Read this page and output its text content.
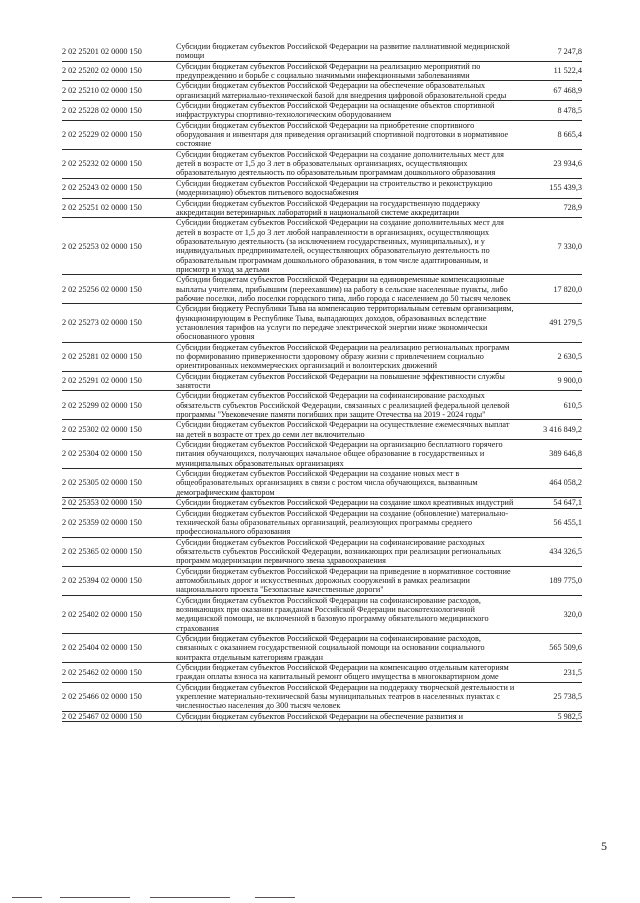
2 02 25201 02 0000 150	Субсидии бюджетам субъектов Российской Федерации на развитие паллиативной медицинской помощи	7 247,8
2 02 25202 02 0000 150	Субсидии бюджетам субъектов Российской Федерации на реализацию мероприятий по предупреждению и борьбе с социально значимыми инфекционными заболеваниями	11 522,4
2 02 25210 02 0000 150	Субсидии бюджетам субъектов Российской Федерации на обеспечение образовательных организаций материально-технической базой для внедрения цифровой образовательной среды	67 468,9
2 02 25228 02 0000 150	Субсидии бюджетам субъектов Российской Федерации на оснащение объектов спортивной инфраструктуры спортивно-технологическим оборудованием	8 478,5
2 02 25229 02 0000 150	Субсидии бюджетам субъектов Российской Федерации на приобретение спортивного оборудования и инвентаря для приведения организаций спортивной подготовки в нормативное состояние	8 665,4
2 02 25232 02 0000 150	Субсидии бюджетам субъектов Российской Федерации на создание дополнительных мест для детей в возрасте от 1,5 до 3 лет в образовательных организациях, осуществляющих образовательную деятельность по образовательным программам дошкольного образования	23 934,6
2 02 25243 02 0000 150	Субсидии бюджетам субъектов Российской Федерации на строительство и реконструкцию (модернизацию) объектов питьевого водоснабжения	155 439,3
2 02 25251 02 0000 150	Субсидии бюджетам субъектов Российской Федерации на государственную поддержку аккредитации ветеринарных лабораторий в национальной системе аккредитации	728,9
2 02 25253 02 0000 150	Субсидии бюджетам субъектов Российской Федерации на создание дополнительных мест для детей в возрасте от 1,5 до 3 лет любой направленности в организациях, осуществляющих образовательную деятельность (за исключением государственных, муниципальных), и у индивидуальных предпринимателей, осуществляющих образовательную деятельность по образовательным программам дошкольного образования, в том числе адаптированным, и присмотр и уход за детьми	7 330,0
2 02 25256 02 0000 150	Субсидии бюджетам субъектов Российской Федерации на единовременные компенсационные выплаты учителям, прибывшим (переехавшим) на работу в сельские населенные пункты, либо рабочие поселки, либо поселки городского типа, либо города с населением до 50 тысяч человек	17 820,0
2 02 25273 02 0000 150	Субсидии бюджету Республики Тыва на компенсацию территориальным сетевым организациям, функционирующим в Республике Тыва, выпадающих доходов, образованных вследствие установления тарифов на услуги по передаче электрической энергии ниже экономически обоснованного уровня	491 279,5
2 02 25281 02 0000 150	Субсидии бюджетам субъектов Российской Федерации на реализацию региональных программ по формированию приверженности здоровому образу жизни с привлечением социально ориентированных некоммерческих организаций и волонтерских движений	2 630,5
2 02 25291 02 0000 150	Субсидии бюджетам субъектов Российской Федерации на повышение эффективности службы занятости	9 900,0
2 02 25299 02 0000 150	Субсидии бюджетам субъектов Российской Федерации на софинансирование расходных обязательств субъектов Российской Федерации, связанных с реализацией федеральной целевой программы "Увековечение памяти погибших при защите Отечества на 2019 - 2024 годы"	610,5
2 02 25302 02 0000 150	Субсидии бюджетам субъектов Российской Федерации на осуществление ежемесячных выплат на детей в возрасте от трех до семи лет включительно	3 416 849,2
2 02 25304 02 0000 150	Субсидии бюджетам субъектов Российской Федерации на организацию бесплатного горячего питания обучающихся, получающих начальное общее образование в государственных и муниципальных образовательных организациях	389 646,8
2 02 25305 02 0000 150	Субсидии бюджетам субъектов Российской Федерации на создание новых мест в общеобразовательных организациях в связи с ростом числа обучающихся, вызванным демографическим фактором	464 058,2
2 02 25353 02 0000 150	Субсидии бюджетам субъектов Российской Федерации на создание школ креативных индустрий	54 647,1
2 02 25359 02 0000 150	Субсидии бюджетам субъектов Российской Федерации на создание (обновление) материально-технической базы образовательных организаций, реализующих программы среднего профессионального образования	56 455,1
2 02 25365 02 0000 150	Субсидии бюджетам субъектов Российской Федерации на софинансирование расходных обязательств субъектов Российской Федерации, возникающих при реализации региональных программ модернизации первичного звена здравоохранения	434 326,5
2 02 25394 02 0000 150	Субсидии бюджетам субъектов Российской Федерации на приведение в нормативное состояние автомобильных дорог и искусственных дорожных сооружений в рамках реализации национального проекта "Безопасные качественные дороги"	189 775,0
2 02 25402 02 0000 150	Субсидии бюджетам субъектов Российской Федерации на софинансирование расходов, возникающих при оказании гражданам Российской Федерации высокотехнологичной медицинской помощи, не включенной в базовую программу обязательного медицинского страхования	320,0
2 02 25404 02 0000 150	Субсидии бюджетам субъектов Российской Федерации на софинансирование расходов, связанных с оказанием государственной социальной помощи на основании социального контракта отдельным категориям граждан	565 509,6
2 02 25462 02 0000 150	Субсидии бюджетам субъектов Российской Федерации на компенсацию отдельным категориям граждан оплаты взноса на капитальный ремонт общего имущества в многоквартирном доме	231,5
2 02 25466 02 0000 150	Субсидии бюджетам субъектов Российской Федерации на поддержку творческой деятельности и укрепление материально-технической базы муниципальных театров в населенных пунктах с численностью населения до 300 тысяч человек	25 738,5
2 02 25467 02 0000 150	Субсидии бюджетам субъектов Российской Федерации на обеспечение развития и	5 982,5
5
